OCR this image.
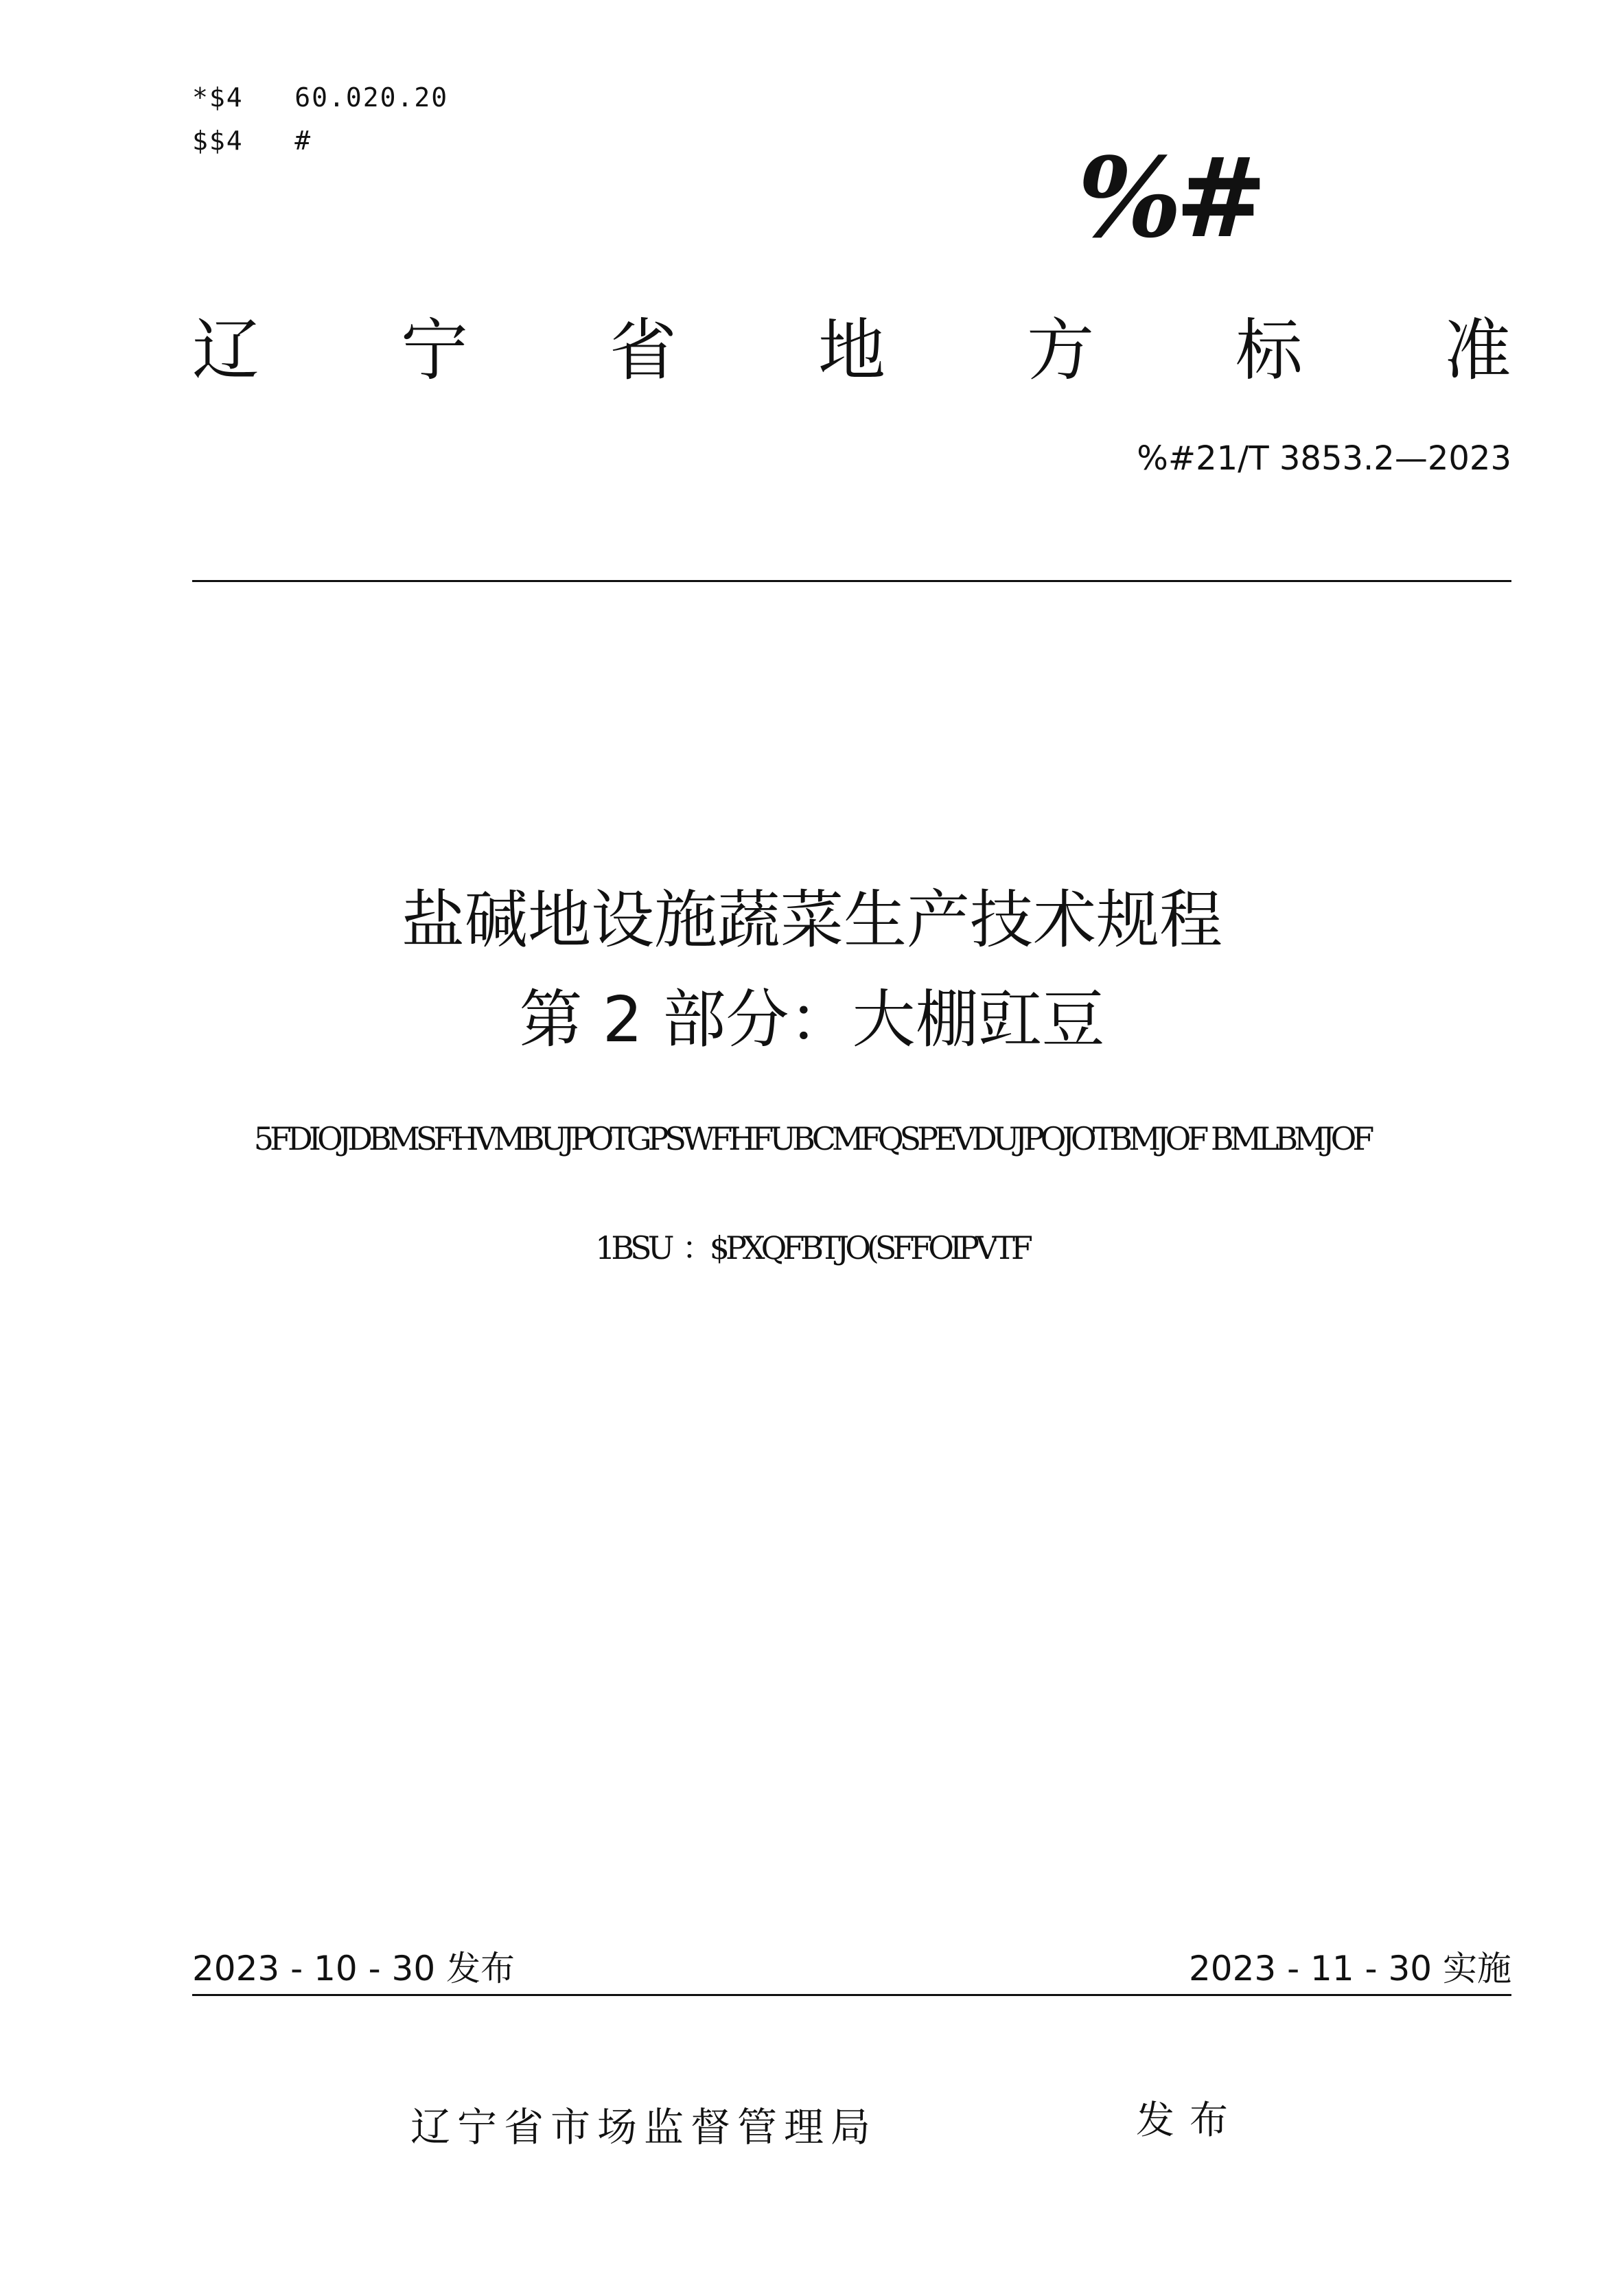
*$4   60.020.20
$$4   #	%#
辽 宁 省 地 方 标 准
%#21/T 3853.2—2023
盐碱地设施蔬菜生产技术规程
第 2 部分：大棚豇豆
5FDIOJDBMSFHVMBUJPOTGPSWFHFUBCMFQSPEVDUJPOJOTBMJOF BMLBMJOF
1BSU  ：$PXQFBTJO(SFFOIPVTF
2023 - 10 - 30 发布	2023 - 11 - 30 实施
辽宁省市场监督管理局	发布
